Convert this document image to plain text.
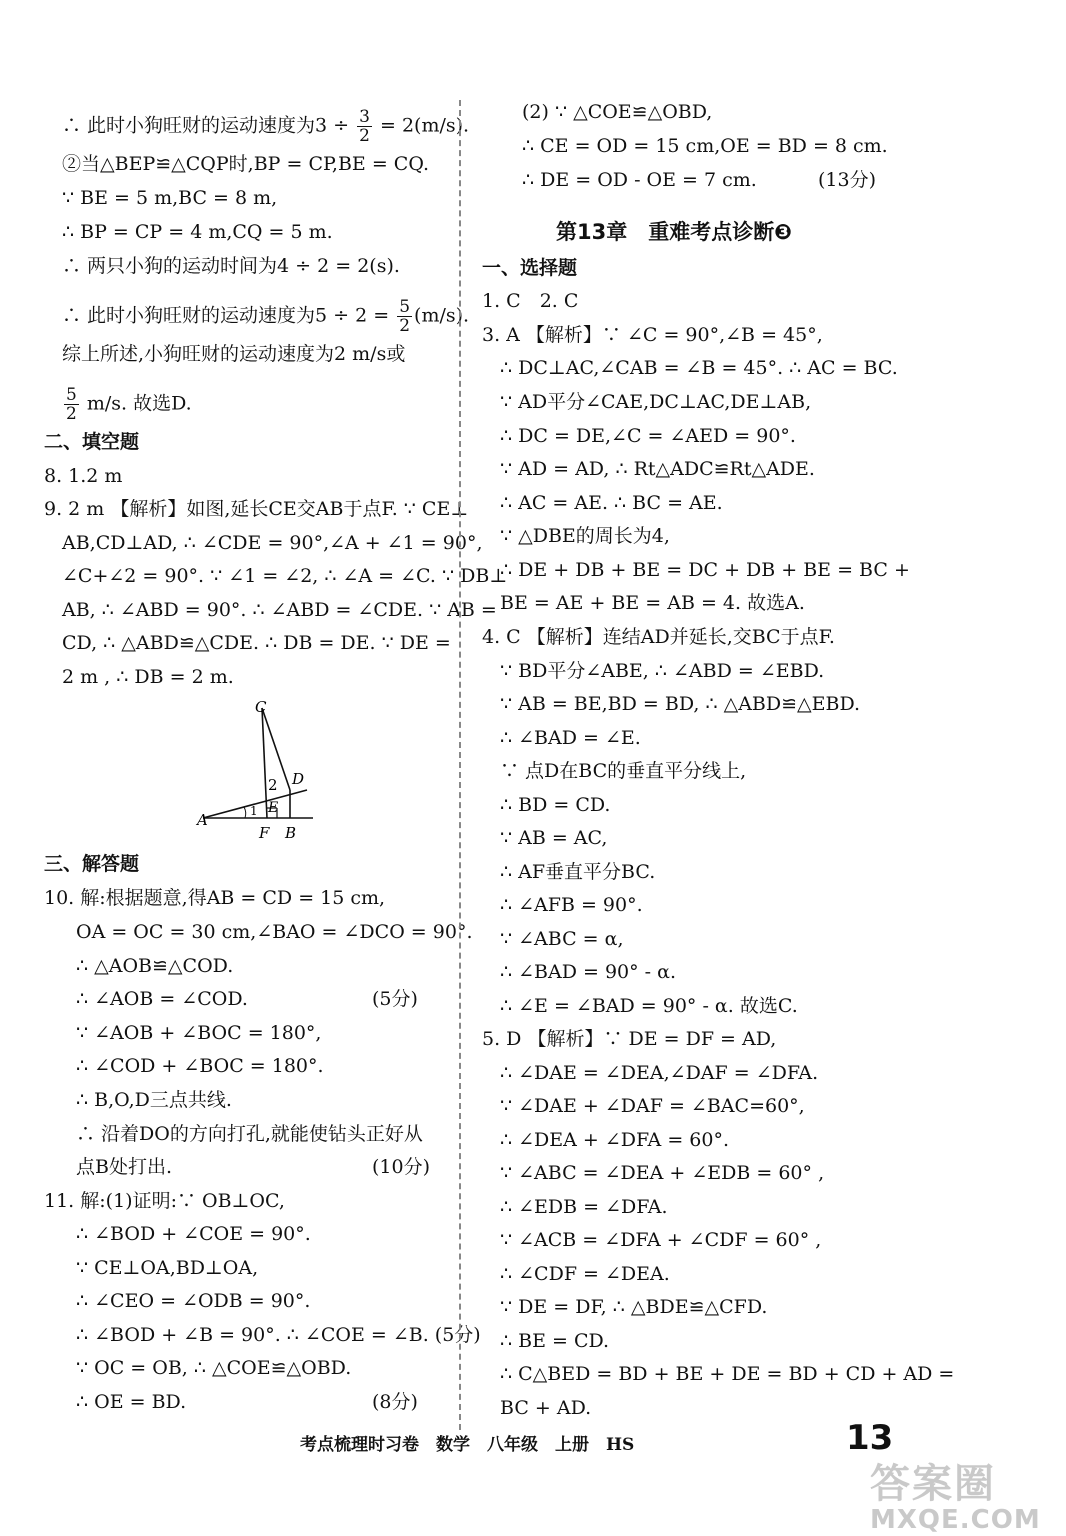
∴ 此时小狗旺财的运动速度为$3 \div \frac{3}{2} = 2(m/s)$.
②当△BEP≌△CQP时,BP = CP,BE = CQ.
∵ BE = 5 m,BC = 8 m,
∴ BP = CP = 4 m,CQ = 5 m.
∴ 两只小狗的运动时间为4 ÷ 2 = 2(s).
∴ 此时小狗旺财的运动速度为$5 \div 2 = \frac{5}{2} (m/s)$.
综上所述,小狗旺财的运动速度为2 m/s或
$\frac{5}{2} m/s$. 故选D.
二、填空题
8. 1.2 m
9. 2 m 【解析】如图,延长CE交AB于点F. ∵ CE⊥
AB,CD⊥AD, ∴ ∠CDE = 90°,∠A + ∠1 = 90°,
∠C+∠2 = 90°. ∵ ∠1 = ∠2, ∴ ∠A = ∠C. ∵ DB⊥
AB, ∴ ∠ABD = 90°. ∴ ∠ABD = ∠CDE. ∵ AB =
CD, ∴ △ABD≌△CDE. ∴ DB = DE. ∵ DE =
2 m , ∴ DB = 2 m.
三、解答题
10. 解:根据题意,得AB = CD = 15 cm,
OA = OC = 30 cm,∠BAO = ∠DCO = 90°.
∴ △AOB≌△COD.
∴ ∠AOB = ∠COD.	(5分)
∵ ∠AOB + ∠BOC = 180°,
∴ ∠COD + ∠BOC = 180°.
∴ B,O,D三点共线.
∴ 沿着DO的方向打孔,就能使钻头正好从
点B处打出.	(10分)
11. 解:(1)证明:∵ OB⊥OC,
∴ ∠BOD + ∠COE = 90°.
∵ CE⊥OA,BD⊥OA,
∴ ∠CEO = ∠ODB = 90°.
∴ ∠BOD + ∠B = 90°. ∴ ∠COE = ∠B. (5分)
∵ OC = OB, ∴ △COE≌△OBD.
∴ OE = BD.	(8分)
(2) ∵ △COE≌△OBD,
∴ CE = OD = 15 cm,OE = BD = 8 cm.
∴ DE = OD - OE = 7 cm.	(13分)
第13章　重难考点诊断❸
一、选择题
1. C　2. C
3. A 【解析】∵ ∠C = 90°,∠B = 45°,
∴ DC⊥AC,∠CAB = ∠B = 45°. ∴ AC = BC.
∵ AD平分∠CAE,DC⊥AC,DE⊥AB,
∴ DC = DE,∠C = ∠AED = 90°.
∵ AD = AD, ∴ Rt△ADC≌Rt△ADE.
∴ AC = AE. ∴ BC = AE.
∵ △DBE的周长为4,
∴ DE + DB + BE = DC + DB + BE = BC +
BE = AE + BE = AB = 4. 故选A.
4. C 【解析】连结AD并延长,交BC于点F.
∵ BD平分∠ABE, ∴ ∠ABD = ∠EBD.
∵ AB = BE,BD = BD, ∴ △ABD≌△EBD.
∴ ∠BAD = ∠E.
∵ 点D在BC的垂直平分线上,
∴ BD = CD.
∵ AB = AC,
∴ AF垂直平分BC.
∴ ∠AFB = 90°.
∵ ∠ABC = α,
∴ ∠BAD = 90° - α.
∴ ∠E = ∠BAD = 90° - α. 故选C.
5. D 【解析】∵ DE = DF = AD,
∴ ∠DAE = ∠DEA,∠DAF = ∠DFA.
∵ ∠DAE + ∠DAF = ∠BAC=60°,
∴ ∠DEA + ∠DFA = 60°.
∵ ∠ABC = ∠DEA + ∠EDB = 60° ,
∴ ∠EDB = ∠DFA.
∵ ∠ACB = ∠DFA + ∠CDF = 60° ,
∴ ∠CDF = ∠DEA.
∵ DE = DF, ∴ △BDE≌△CFD.
∴ BE = CD.
∴ C△BED = BD + BE + DE = BD + CD + AD =
BC + AD.
C
D
2
E
1
A
F B
考点梳理时习卷　数学　八年级　上册　HS	13
答案圈
MXQE.COM
